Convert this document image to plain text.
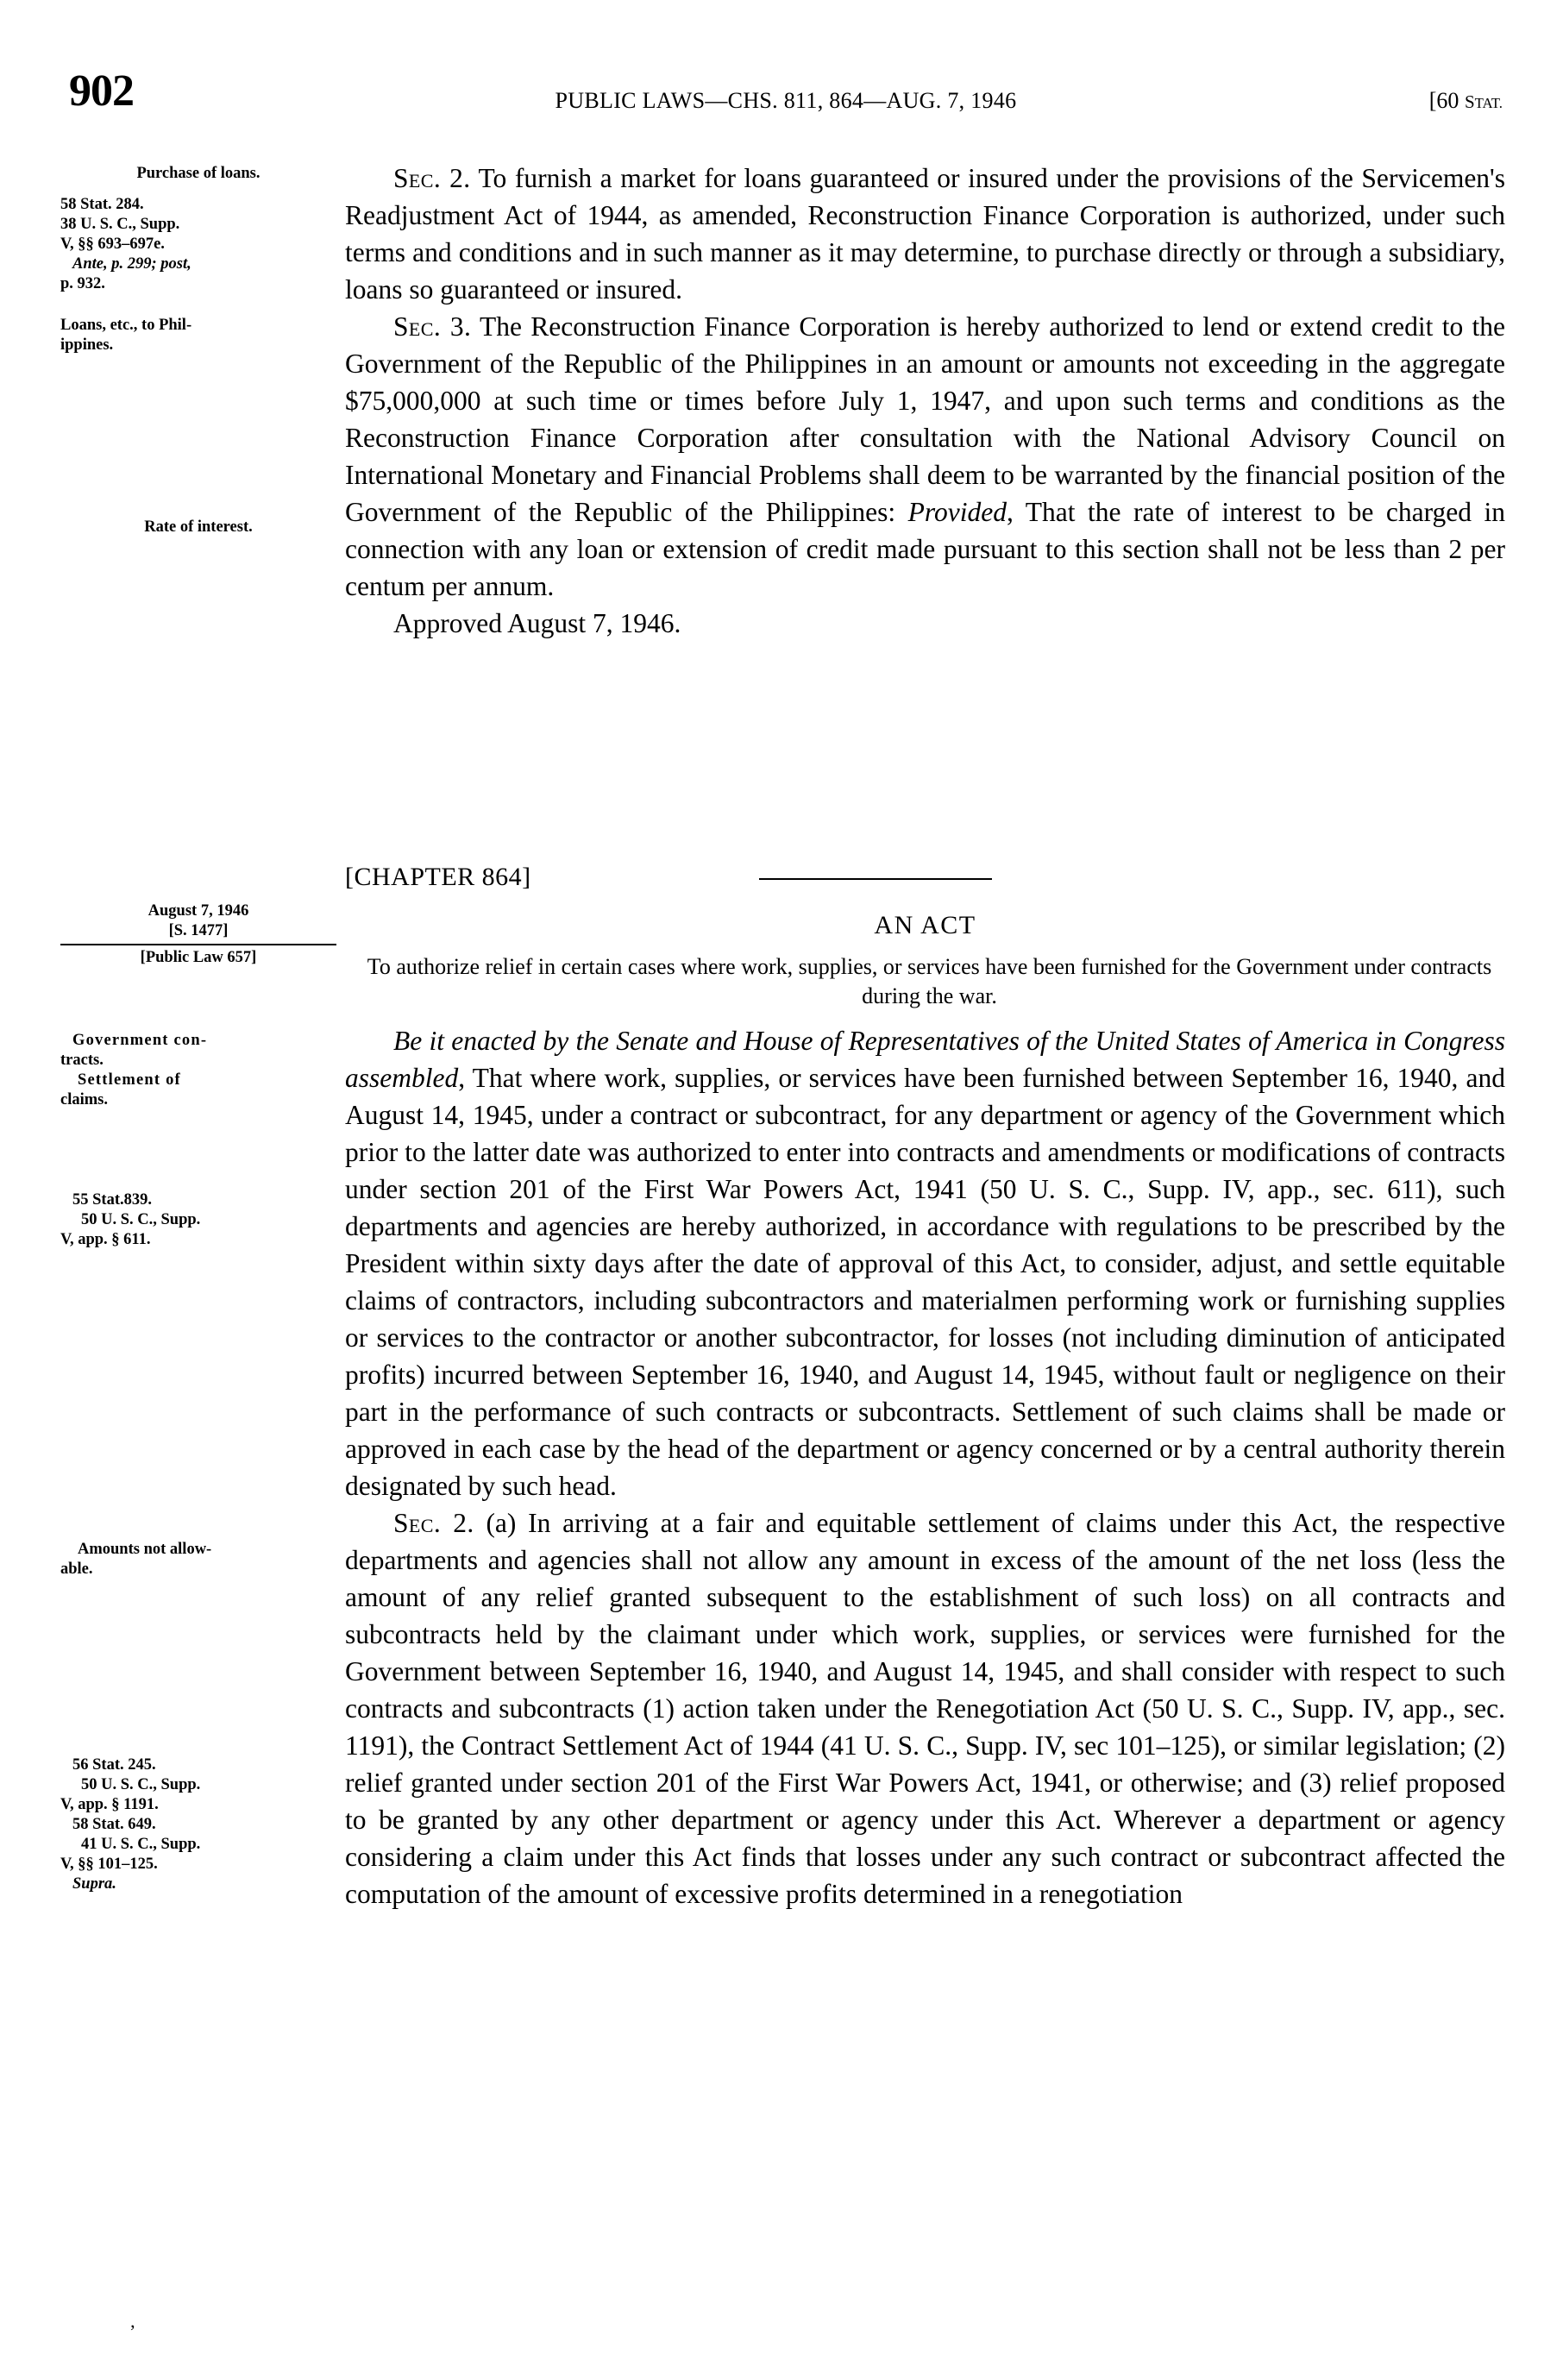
902	PUBLIC LAWS—CHS. 811, 864—AUG. 7, 1946	[60 STAT.
Purchase of loans.
58 Stat. 284.
38 U. S. C., Supp.
V, §§ 693–697e.
Ante, p. 299; post,
p. 932.
Loans, etc., to Phil-
ippines.
Rate of interest.
August 7, 1946
[S. 1477]
[Public Law 657]
Government con-
tracts.
Settlement of
claims.
55 Stat.839.
50 U. S. C., Supp.
V, app. § 611.
Amounts not allow-
able.
56 Stat. 245.
50 U. S. C., Supp.
V, app. § 1191.
58 Stat. 649.
41 U. S. C., Supp.
V, §§ 101–125.
Supra.

Sec. 2. To furnish a market for loans guaranteed or insured under the provisions of the Servicemen's Readjustment Act of 1944, as amended, Reconstruction Finance Corporation is authorized, under such terms and conditions and in such manner as it may determine, to purchase directly or through a subsidiary, loans so guaranteed or insured.

Sec. 3. The Reconstruction Finance Corporation is hereby authorized to lend or extend credit to the Government of the Republic of the Philippines in an amount or amounts not exceeding in the aggregate $75,000,000 at such time or times before July 1, 1947, and upon such terms and conditions as the Reconstruction Finance Corporation after consultation with the National Advisory Council on International Monetary and Financial Problems shall deem to be warranted by the financial position of the Government of the Republic of the Philippines: Provided, That the rate of interest to be charged in connection with any loan or extension of credit made pursuant to this section shall not be less than 2 per centum per annum.

Approved August 7, 1946.

[CHAPTER 864]
AN ACT
To authorize relief in certain cases where work, supplies, or services have been furnished for the Government under contracts during the war.

Be it enacted by the Senate and House of Representatives of the United States of America in Congress assembled, That where work, supplies, or services have been furnished between September 16, 1940, and August 14, 1945, under a contract or subcontract, for any department or agency of the Government which prior to the latter date was authorized to enter into contracts and amendments or modifications of contracts under section 201 of the First War Powers Act, 1941 (50 U. S. C., Supp. IV, app., sec. 611), such departments and agencies are hereby authorized, in accordance with regulations to be prescribed by the President within sixty days after the date of approval of this Act, to consider, adjust, and settle equitable claims of contractors, including subcontractors and materialmen performing work or furnishing supplies or services to the contractor or another subcontractor, for losses (not including diminution of anticipated profits) incurred between September 16, 1940, and August 14, 1945, without fault or negligence on their part in the performance of such contracts or subcontracts. Settlement of such claims shall be made or approved in each case by the head of the department or agency concerned or by a central authority therein designated by such head.

Sec. 2. (a) In arriving at a fair and equitable settlement of claims under this Act, the respective departments and agencies shall not allow any amount in excess of the amount of the net loss (less the amount of any relief granted subsequent to the establishment of such loss) on all contracts and subcontracts held by the claimant under which work, supplies, or services were furnished for the Government between September 16, 1940, and August 14, 1945, and shall consider with respect to such contracts and subcontracts (1) action taken under the Renegotiation Act (50 U. S. C., Supp. IV, app., sec. 1191), the Contract Settlement Act of 1944 (41 U. S. C., Supp. IV, sec 101–125), or similar legislation; (2) relief granted under section 201 of the First War Powers Act, 1941, or otherwise; and (3) relief proposed to be granted by any other department or agency under this Act. Wherever a department or agency considering a claim under this Act finds that losses under any such contract or subcontract affected the computation of the amount of excessive profits determined in a renegotiation

’
